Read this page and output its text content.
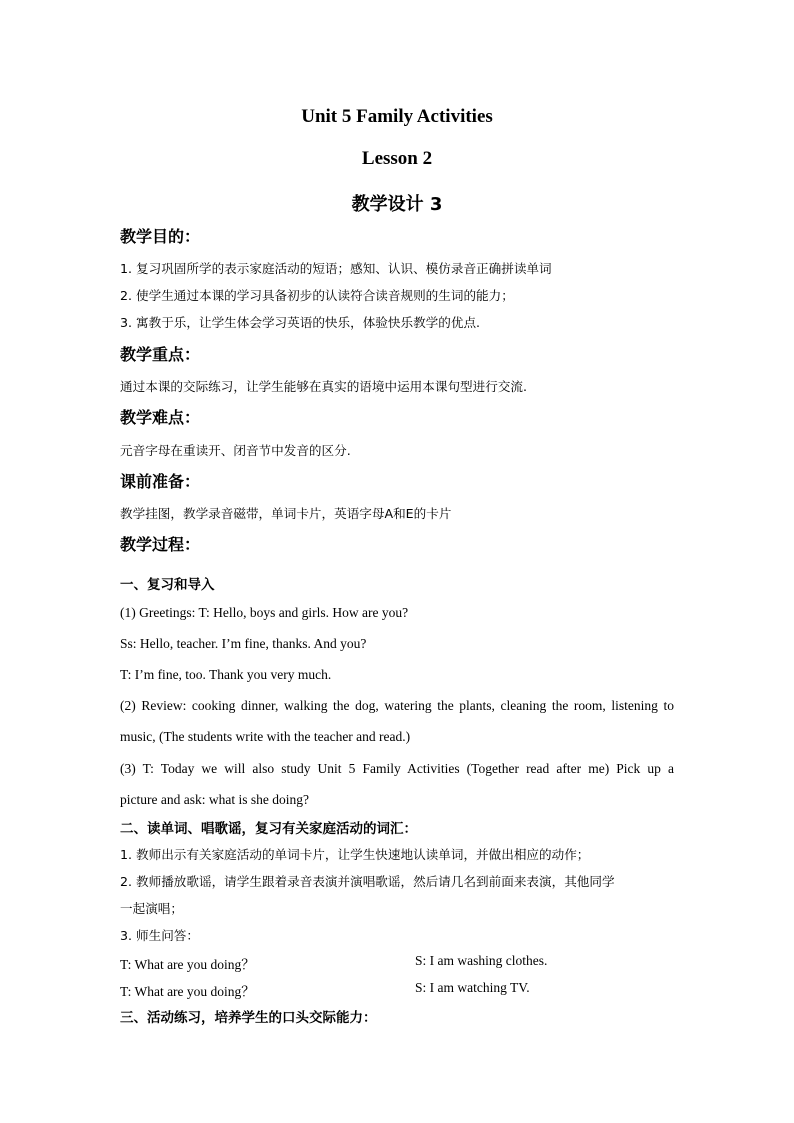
Unit 5 Family Activities
Lesson 2
教学设计 3
教学目的：
1. 复习巩固所学的表示家庭活动的短语；感知、认识、模仿录音正确拼读单词
2. 使学生通过本课的学习具备初步的认读符合读音规则的生词的能力；
3. 寓教于乐，让学生体会学习英语的快乐，体验快乐教学的优点.
教学重点：
通过本课的交际练习，让学生能够在真实的语境中运用本课句型进行交流.
教学难点：
元音字母在重读开、闭音节中发音的区分.
课前准备：
教学挂图，教学录音磁带，单词卡片，英语字母A和E的卡片
教学过程：
一、复习和导入
(1) Greetings: T: Hello, boys and girls. How are you?
Ss: Hello, teacher. I’m fine, thanks. And you?
T: I’m fine, too. Thank you very much.
(2) Review: cooking dinner, walking the dog, watering the plants, cleaning the room, listening to
music, (The students write with the teacher and read.)
(3) T: Today we will also study Unit 5 Family Activities (Together read after me) Pick up a
picture and ask: what is she doing?
二、读单词、唱歌谣，复习有关家庭活动的词汇：
1. 教师出示有关家庭活动的单词卡片，让学生快速地认读单词，并做出相应的动作；
2. 教师播放歌谣，请学生跟着录音表演并演唱歌谣，然后请几名到前面来表演，其他同学
一起演唱；
3. 师生问答：
T: What are you doing？	S: I am washing clothes.
T: What are you doing？	S: I am watching TV.
三、活动练习，培养学生的口头交际能力：
